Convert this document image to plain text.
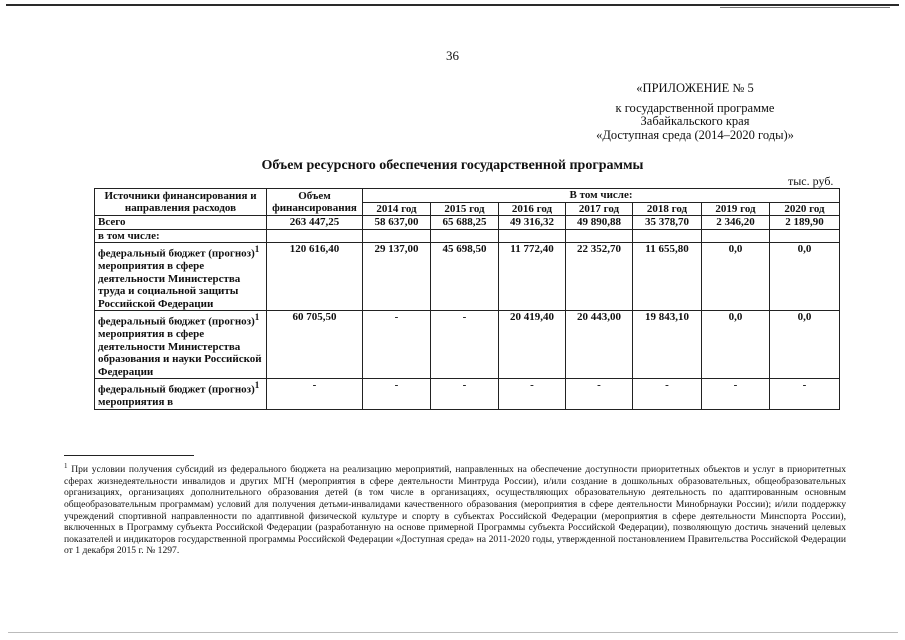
36
«ПРИЛОЖЕНИЕ № 5
к государственной программе
Забайкальского края
«Доступная среда (2014–2020 годы)»
Объем ресурсного обеспечения государственной программы
тыс. руб.
Источники финансирования и направления расходов	Объем финансирования	В том числе:						
		2014 год	2015 год	2016 год	2017 год	2018 год	2019 год	2020 год
Всего	263 447,25	58 637,00	65 688,25	49 316,32	49 890,88	35 378,70	2 346,20	2 189,90
в том числе:								
федеральный бюджет (прогноз)$^1$ мероприятия в сфере деятельности Министерства труда и социальной защиты Российской Федерации	120 616,40	29 137,00	45 698,50	11 772,40	22 352,70	11 655,80	0,0	0,0
федеральный бюджет (прогноз)$^1$ мероприятия в сфере деятельности Министерства образования и науки Российской Федерации	60 705,50	-	-	20 419,40	20 443,00	19 843,10	0,0	0,0
федеральный бюджет (прогноз)$^1$ мероприятия в	-	-	-	-	-	-	-	-
$^1$ При условии получения субсидий из федерального бюджета на реализацию мероприятий, направленных на обеспечение доступности приоритетных объектов и услуг в приоритетных сферах жизнедеятельности инвалидов и других МГН (мероприятия в сфере деятельности Минтруда России), и/или создание в дошкольных образовательных, общеобразовательных организациях, организациях дополнительного образования детей (в том числе в организациях, осуществляющих образовательную деятельность по адаптированным основным общеобразовательным программам) условий для получения детьми-инвалидами качественного образования (мероприятия в сфере деятельности Минобрнауки России); и/или поддержку учреждений спортивной направленности по адаптивной физической культуре и спорту в субъектах Российской Федерации (мероприятия в сфере деятельности Минспорта России), включенных в Программу субъекта Российской Федерации (разработанную на основе примерной Программы субъекта Российской Федерации), позволяющую достичь значений целевых показателей и индикаторов государственной программы Российской Федерации «Доступная среда» на 2011-2020 годы, утвержденной постановлением Правительства Российской Федерации от 1 декабря 2015 г. № 1297.
